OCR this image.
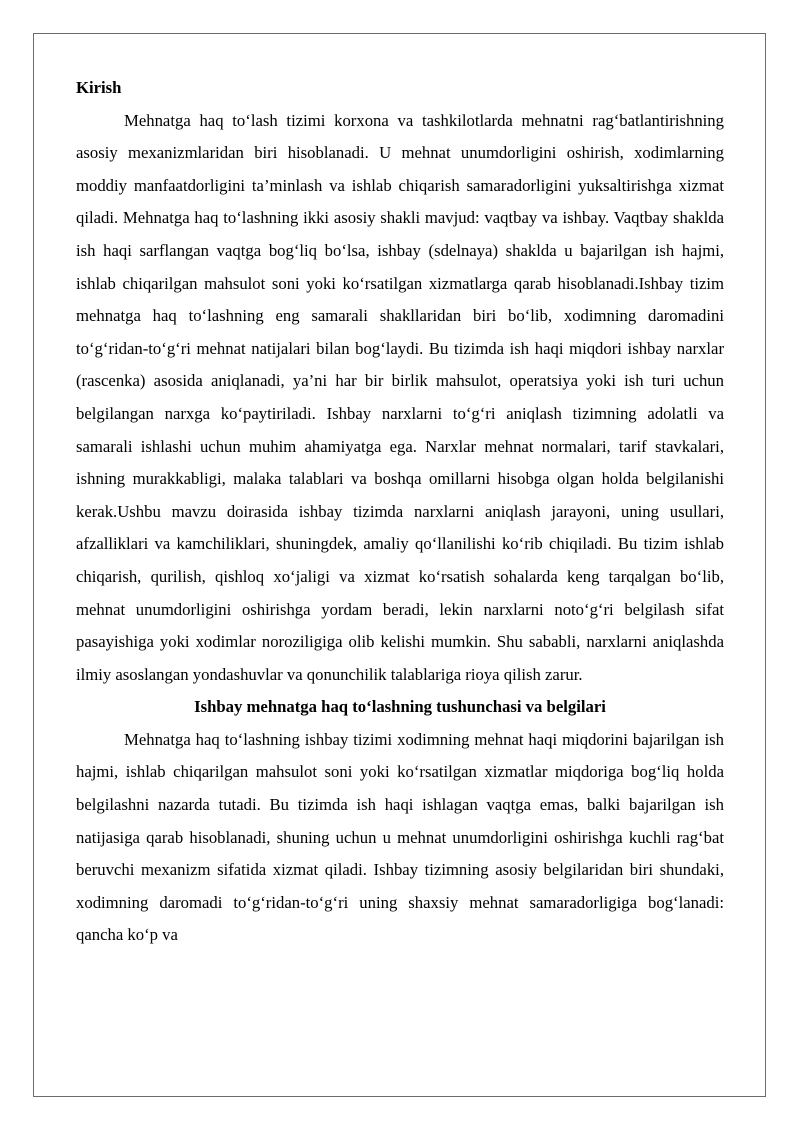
Kirish

Mehnatga haq to‘lash tizimi korxona va tashkilotlarda mehnatni rag‘batlantirishning asosiy mexanizmlaridan biri hisoblanadi. U mehnat unumdorligini oshirish, xodimlarning moddiy manfaatdorligini ta’minlash va ishlab chiqarish samaradorligini yuksaltirishga xizmat qiladi. Mehnatga haq to‘lashning ikki asosiy shakli mavjud: vaqtbay va ishbay. Vaqtbay shaklda ish haqi sarflangan vaqtga bog‘liq bo‘lsa, ishbay (sdelnaya) shaklda u bajarilgan ish hajmi, ishlab chiqarilgan mahsulot soni yoki ko‘rsatilgan xizmatlarga qarab hisoblanadi.Ishbay tizim mehnatga haq to‘lashning eng samarali shakllaridan biri bo‘lib, xodimning daromadini to‘g‘ridan-to‘g‘ri mehnat natijalari bilan bog‘laydi. Bu tizimda ish haqi miqdori ishbay narxlar (rascenka) asosida aniqlanadi, ya’ni har bir birlik mahsulot, operatsiya yoki ish turi uchun belgilangan narxga ko‘paytiriladi. Ishbay narxlarni to‘g‘ri aniqlash tizimning adolatli va samarali ishlashi uchun muhim ahamiyatga ega. Narxlar mehnat normalari, tarif stavkalari, ishning murakkabligi, malaka talablari va boshqa omillarni hisobga olgan holda belgilanishi kerak.Ushbu mavzu doirasida ishbay tizimda narxlarni aniqlash jarayoni, uning usullari, afzalliklari va kamchiliklari, shuningdek, amaliy qo‘llanilishi ko‘rib chiqiladi. Bu tizim ishlab chiqarish, qurilish, qishloq xo‘jaligi va xizmat ko‘rsatish sohalarda keng tarqalgan bo‘lib, mehnat unumdorligini oshirishga yordam beradi, lekin narxlarni noto‘g‘ri belgilash sifat pasayishiga yoki xodimlar noroziligiga olib kelishi mumkin. Shu sababli, narxlarni aniqlashda ilmiy asoslangan yondashuvlar va qonunchilik talablariga rioya qilish zarur.

Ishbay mehnatga haq to‘lashning tushunchasi va belgilari

Mehnatga haq to‘lashning ishbay tizimi xodimning mehnat haqi miqdorini bajarilgan ish hajmi, ishlab chiqarilgan mahsulot soni yoki ko‘rsatilgan xizmatlar miqdoriga bog‘liq holda belgilashni nazarda tutadi. Bu tizimda ish haqi ishlagan vaqtga emas, balki bajarilgan ish natijasiga qarab hisoblanadi, shuning uchun u mehnat unumdorligini oshirishga kuchli rag‘bat beruvchi mexanizm sifatida xizmat qiladi. Ishbay tizimning asosiy belgilaridan biri shundaki, xodimning daromadi to‘g‘ridan-to‘g‘ri uning shaxsiy mehnat samaradorligiga bog‘lanadi: qancha ko‘p va
